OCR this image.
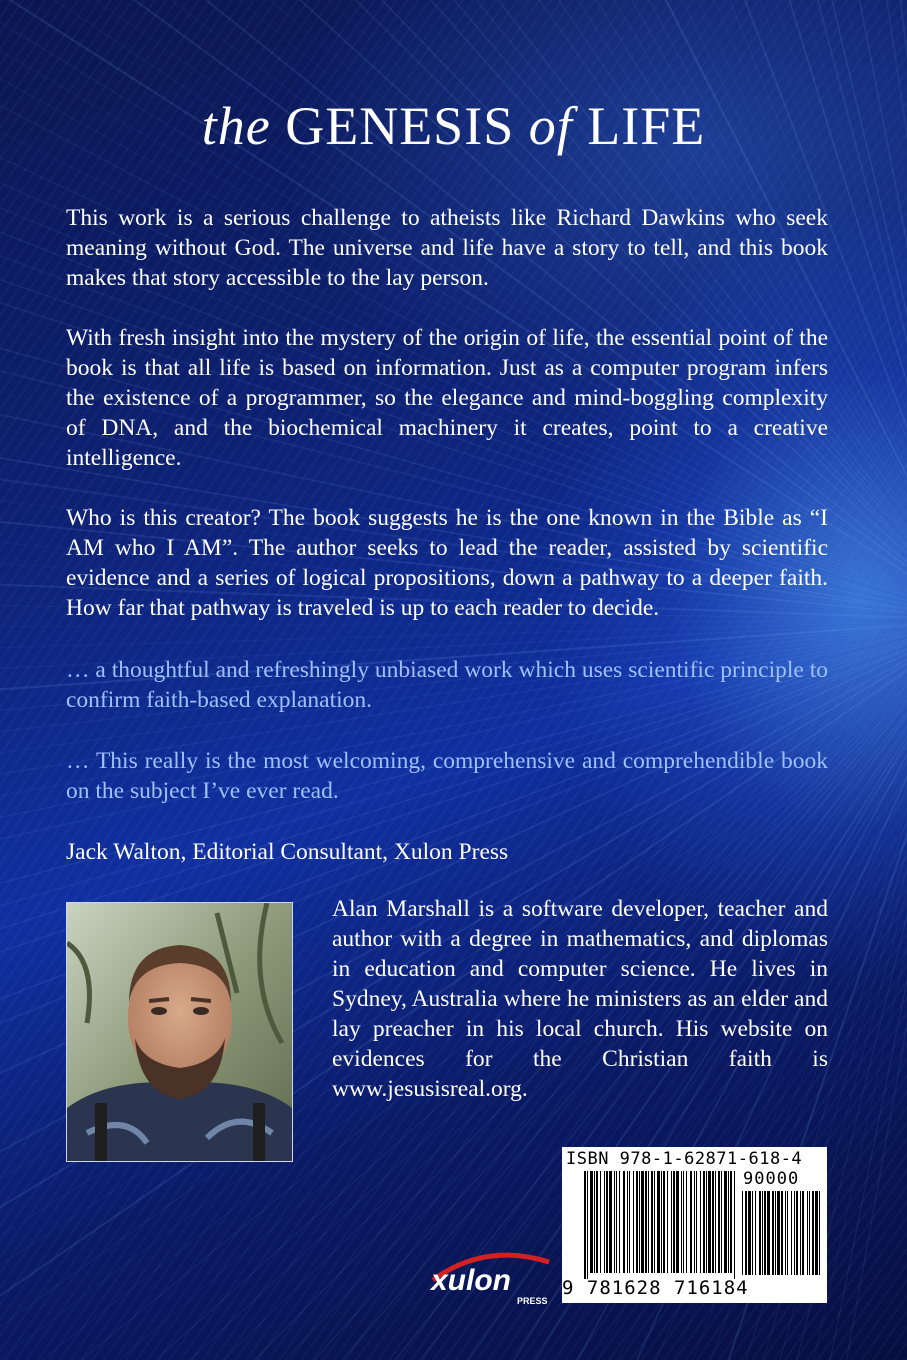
the GENESIS of LIFE

This work is a serious challenge to atheists like Richard Dawkins who seek meaning without God. The universe and life have a story to tell, and this book makes that story accessible to the lay person.

With fresh insight into the mystery of the origin of life, the essential point of the book is that all life is based on information. Just as a computer program infers the existence of a programmer, so the elegance and mind-boggling complexity of DNA, and the biochemical machinery it creates, point to a creative intelligence.

Who is this creator? The book suggests he is the one known in the Bible as “I AM who I AM”. The author seeks to lead the reader, assisted by scientific evidence and a series of logical propositions, down a pathway to a deeper faith. How far that pathway is traveled is up to each reader to decide.

… a thoughtful and refreshingly unbiased work which uses scientific principle to confirm faith-based explanation.

… This really is the most welcoming, comprehensive and comprehendible book on the subject I’ve ever read.

Jack Walton, Editorial Consultant, Xulon Press

Alan Marshall is a software developer, teacher and author with a degree in mathematics, and diplomas in education and computer science. He lives in Sydney, Australia where he ministers as an elder and lay preacher in his local church. His website on evidences for the Christian faith is www.jesusisreal.org.

ISBN 978-1-62871-618-4
90000
9 781628 716184
xulon
PRESS
